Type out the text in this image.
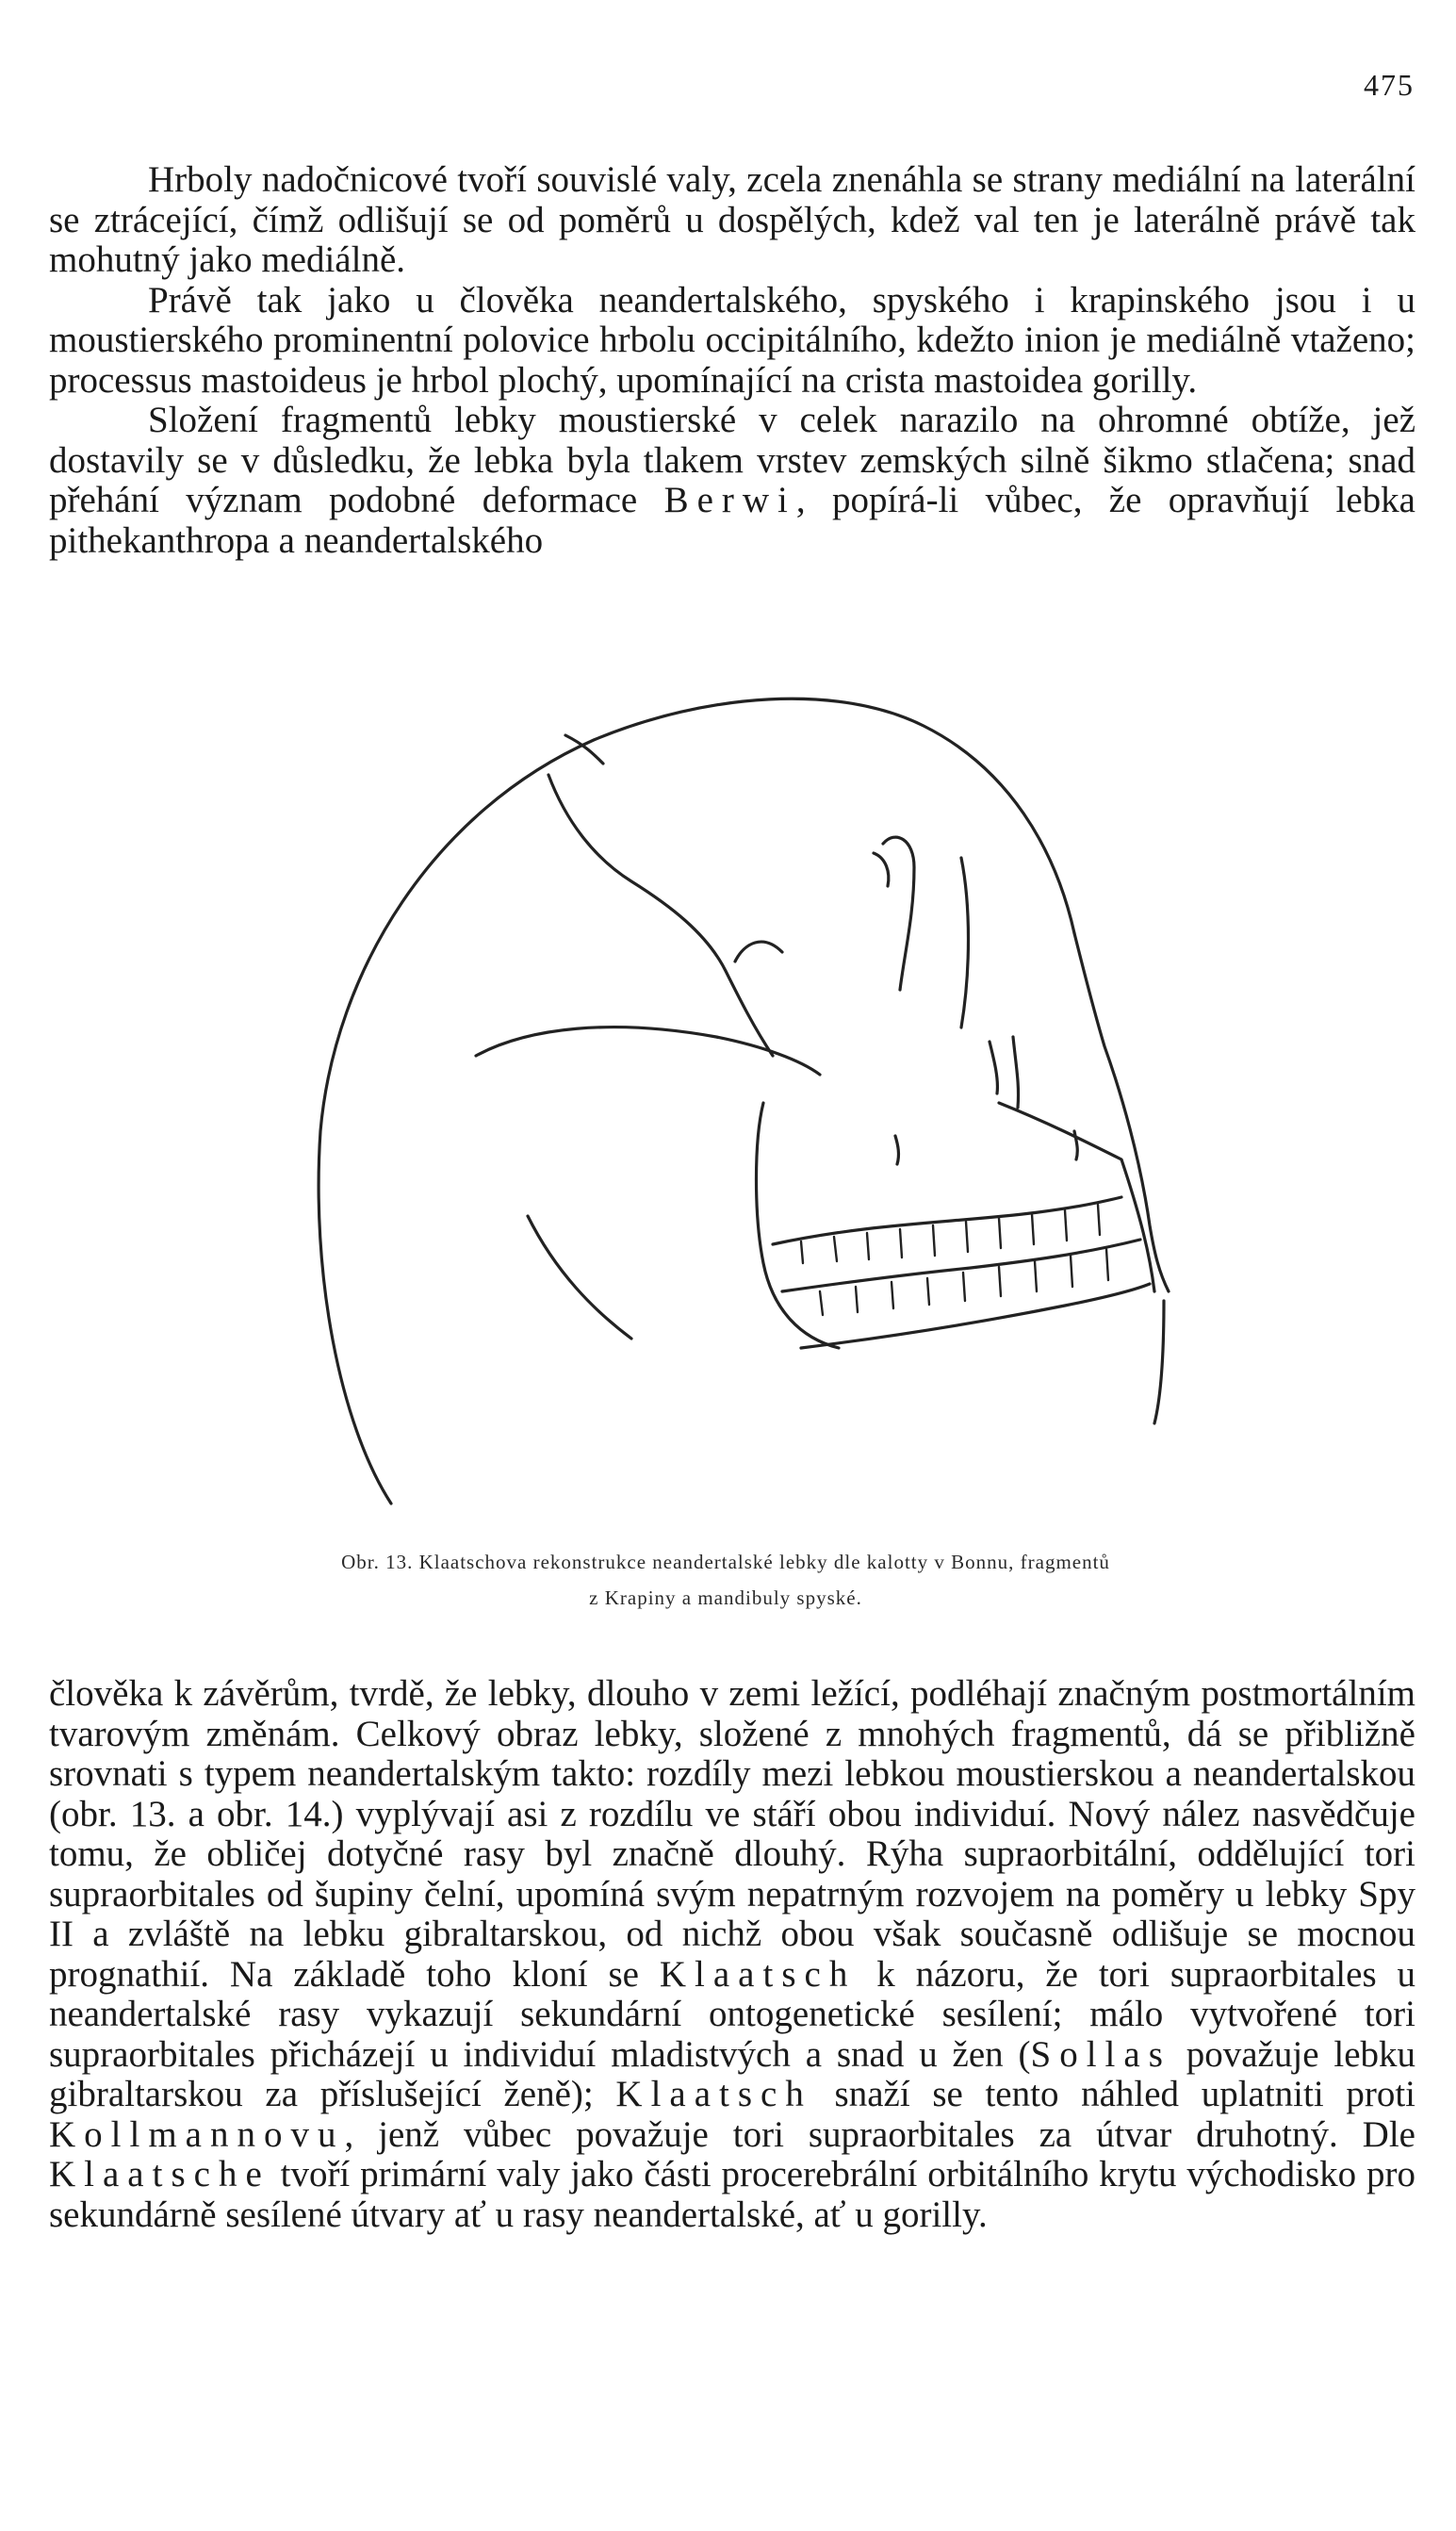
475

Hrboly nadočnicové tvoří souvislé valy, zcela znenáhla se strany mediální na laterální se ztrácející, čímž odlišují se od poměrů u dospělých, kdež val ten je laterálně právě tak mohutný jako mediálně.

Právě tak jako u člověka neandertalského, spyského i krapinského jsou i u moustierského prominentní polovice hrbolu occipitálního, kdežto inion je mediálně vtaženo; processus mastoideus je hrbol plochý, upomínající na crista mastoidea gorilly.

Složení fragmentů lebky moustierské v celek narazilo na ohromné obtíže, jež dostavily se v důsledku, že lebka byla tlakem vrstev zemských silně šikmo stlačena; snad přehání význam podobné deformace Berwi, popírá-li vůbec, že opravňují lebka pithekanthropa a neandertalského

Obr. 13. Klaatschova rekonstrukce neandertalské lebky dle kalotty v Bonnu, fragmentů
z Krapiny a mandibuly spyské.

člověka k závěrům, tvrdě, že lebky, dlouho v zemi ležící, podléhají značným postmortálním tvarovým změnám. Celkový obraz lebky, složené z mnohých fragmentů, dá se přibližně srovnati s typem neandertalským takto: rozdíly mezi lebkou moustierskou a neandertalskou (obr. 13. a obr. 14.) vyplývají asi z rozdílu ve stáří obou individuí. Nový nález nasvědčuje tomu, že obličej dotyčné rasy byl značně dlouhý. Rýha supraorbitální, oddělující tori supraorbitales od šupiny čelní, upomíná svým nepatrným rozvojem na poměry u lebky Spy II a zvláště na lebku gibraltarskou, od nichž obou však současně odlišuje se mocnou prognathií. Na základě toho kloní se Klaatsch k názoru, že tori supraorbitales u neandertalské rasy vykazují sekundární ontogenetické sesílení; málo vytvořené tori supraorbitales přicházejí u individuí mladistvých a snad u žen (Sollas považuje lebku gibraltarskou za příslušející ženě); Klaatsch snaží se tento náhled uplatniti proti Kollmannovu, jenž vůbec považuje tori supraorbitales za útvar druhotný. Dle Klaatsche tvoří primární valy jako části procerebrální orbitálního krytu východisko pro sekundárně sesílené útvary ať u rasy neandertalské, ať u gorilly.
